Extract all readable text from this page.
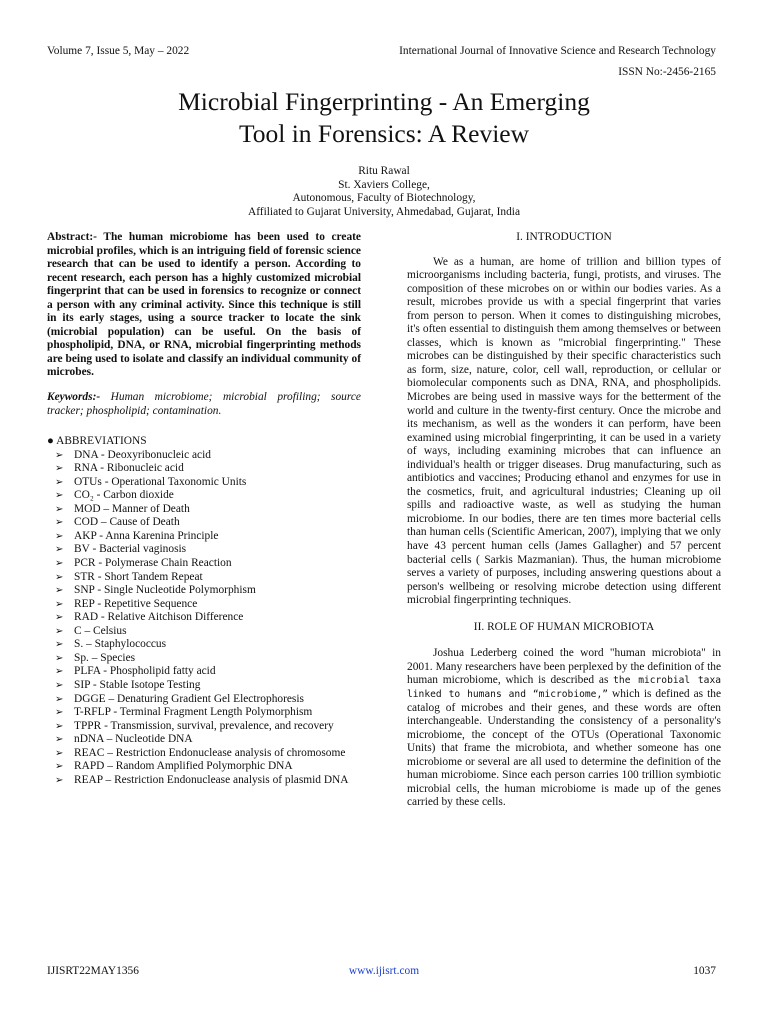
Volume 7, Issue 5, May – 2022	International Journal of Innovative Science and Research Technology
ISSN No:-2456-2165
Microbial Fingerprinting - An Emerging
Tool in Forensics: A Review
Ritu Rawal
St. Xaviers College,
Autonomous, Faculty of Biotechnology,
Affiliated to Gujarat University, Ahmedabad, Gujarat, India

Abstract:- The human microbiome has been used to create microbial profiles, which is an intriguing field of forensic science research that can be used to identify a person. According to recent research, each person has a highly customized microbial fingerprint that can be used in forensics to recognize or connect a person with any criminal activity. Since this technique is still in its early stages, using a source tracker to locate the sink (microbial population) can be useful. On the basis of phospholipid, DNA, or RNA, microbial fingerprinting methods are being used to isolate and classify an individual community of microbes.

Keywords:- Human microbiome; microbial profiling; source tracker; phospholipid; contamination.

● ABBREVIATIONS
➢ DNA - Deoxyribonucleic acid
➢ RNA - Ribonucleic acid
➢ OTUs - Operational Taxonomic Units
➢ CO₂ - Carbon dioxide
➢ MOD – Manner of Death
➢ COD – Cause of Death
➢ AKP - Anna Karenina Principle
➢ BV - Bacterial vaginosis
➢ PCR - Polymerase Chain Reaction
➢ STR - Short Tandem Repeat
➢ SNP - Single Nucleotide Polymorphism
➢ REP - Repetitive Sequence
➢ RAD - Relative Aitchison Difference
➢ C – Celsius
➢ S. – Staphylococcus
➢ Sp. – Species
➢ PLFA - Phospholipid fatty acid
➢ SIP - Stable Isotope Testing
➢ DGGE – Denaturing Gradient Gel Electrophoresis
➢ T-RFLP - Terminal Fragment Length Polymorphism
➢ TPPR - Transmission, survival, prevalence, and recovery
➢ nDNA – Nucleotide DNA
➢ REAC – Restriction Endonuclease analysis of chromosome
➢ RAPD – Random Amplified Polymorphic DNA
➢ REAP – Restriction Endonuclease analysis of plasmid DNA

I. INTRODUCTION

We as a human, are home of trillion and billion types of microorganisms including bacteria, fungi, protists, and viruses. The composition of these microbes on or within our bodies varies. As a result, microbes provide us with a special fingerprint that varies from person to person. When it comes to distinguishing microbes, it's often essential to distinguish them among themselves or between classes, which is known as "microbial fingerprinting." These microbes can be distinguished by their specific characteristics such as form, size, nature, color, cell wall, reproduction, or cellular or biomolecular components such as DNA, RNA, and phospholipids. Microbes are being used in massive ways for the betterment of the world and culture in the twenty-first century. Once the microbe and its mechanism, as well as the wonders it can perform, have been examined using microbial fingerprinting, it can be used in a variety of ways, including examining microbes that can influence an individual's health or trigger diseases. Drug manufacturing, such as antibiotics and vaccines; Producing ethanol and enzymes for use in the cosmetics, fruit, and agricultural industries; Cleaning up oil spills and radioactive waste, as well as studying the human microbiome. In our bodies, there are ten times more bacterial cells than human cells (Scientific American, 2007), implying that we only have 43 percent human cells (James Gallagher) and 57 percent bacterial cells ( Sarkis Mazmanian). Thus, the human microbiome serves a variety of purposes, including answering questions about a person's wellbeing or resolving microbe detection using different microbial fingerprinting techniques.

II. ROLE OF HUMAN MICROBIOTA

Joshua Lederberg coined the word "human microbiota" in 2001. Many researchers have been perplexed by the definition of the human microbiome, which is described as the microbial taxa linked to humans and “microbiome,” which is defined as the catalog of microbes and their genes, and these words are often interchangeable. Understanding the consistency of a personality's microbiome, the concept of the OTUs (Operational Taxonomic Units) that frame the microbiota, and whether someone has one microbiome or several are all used to determine the definition of the human microbiome. Since each person carries 100 trillion symbiotic microbial cells, the human microbiome is made up of the genes carried by these cells.

IJISRT22MAY1356	www.ijisrt.com	1037
